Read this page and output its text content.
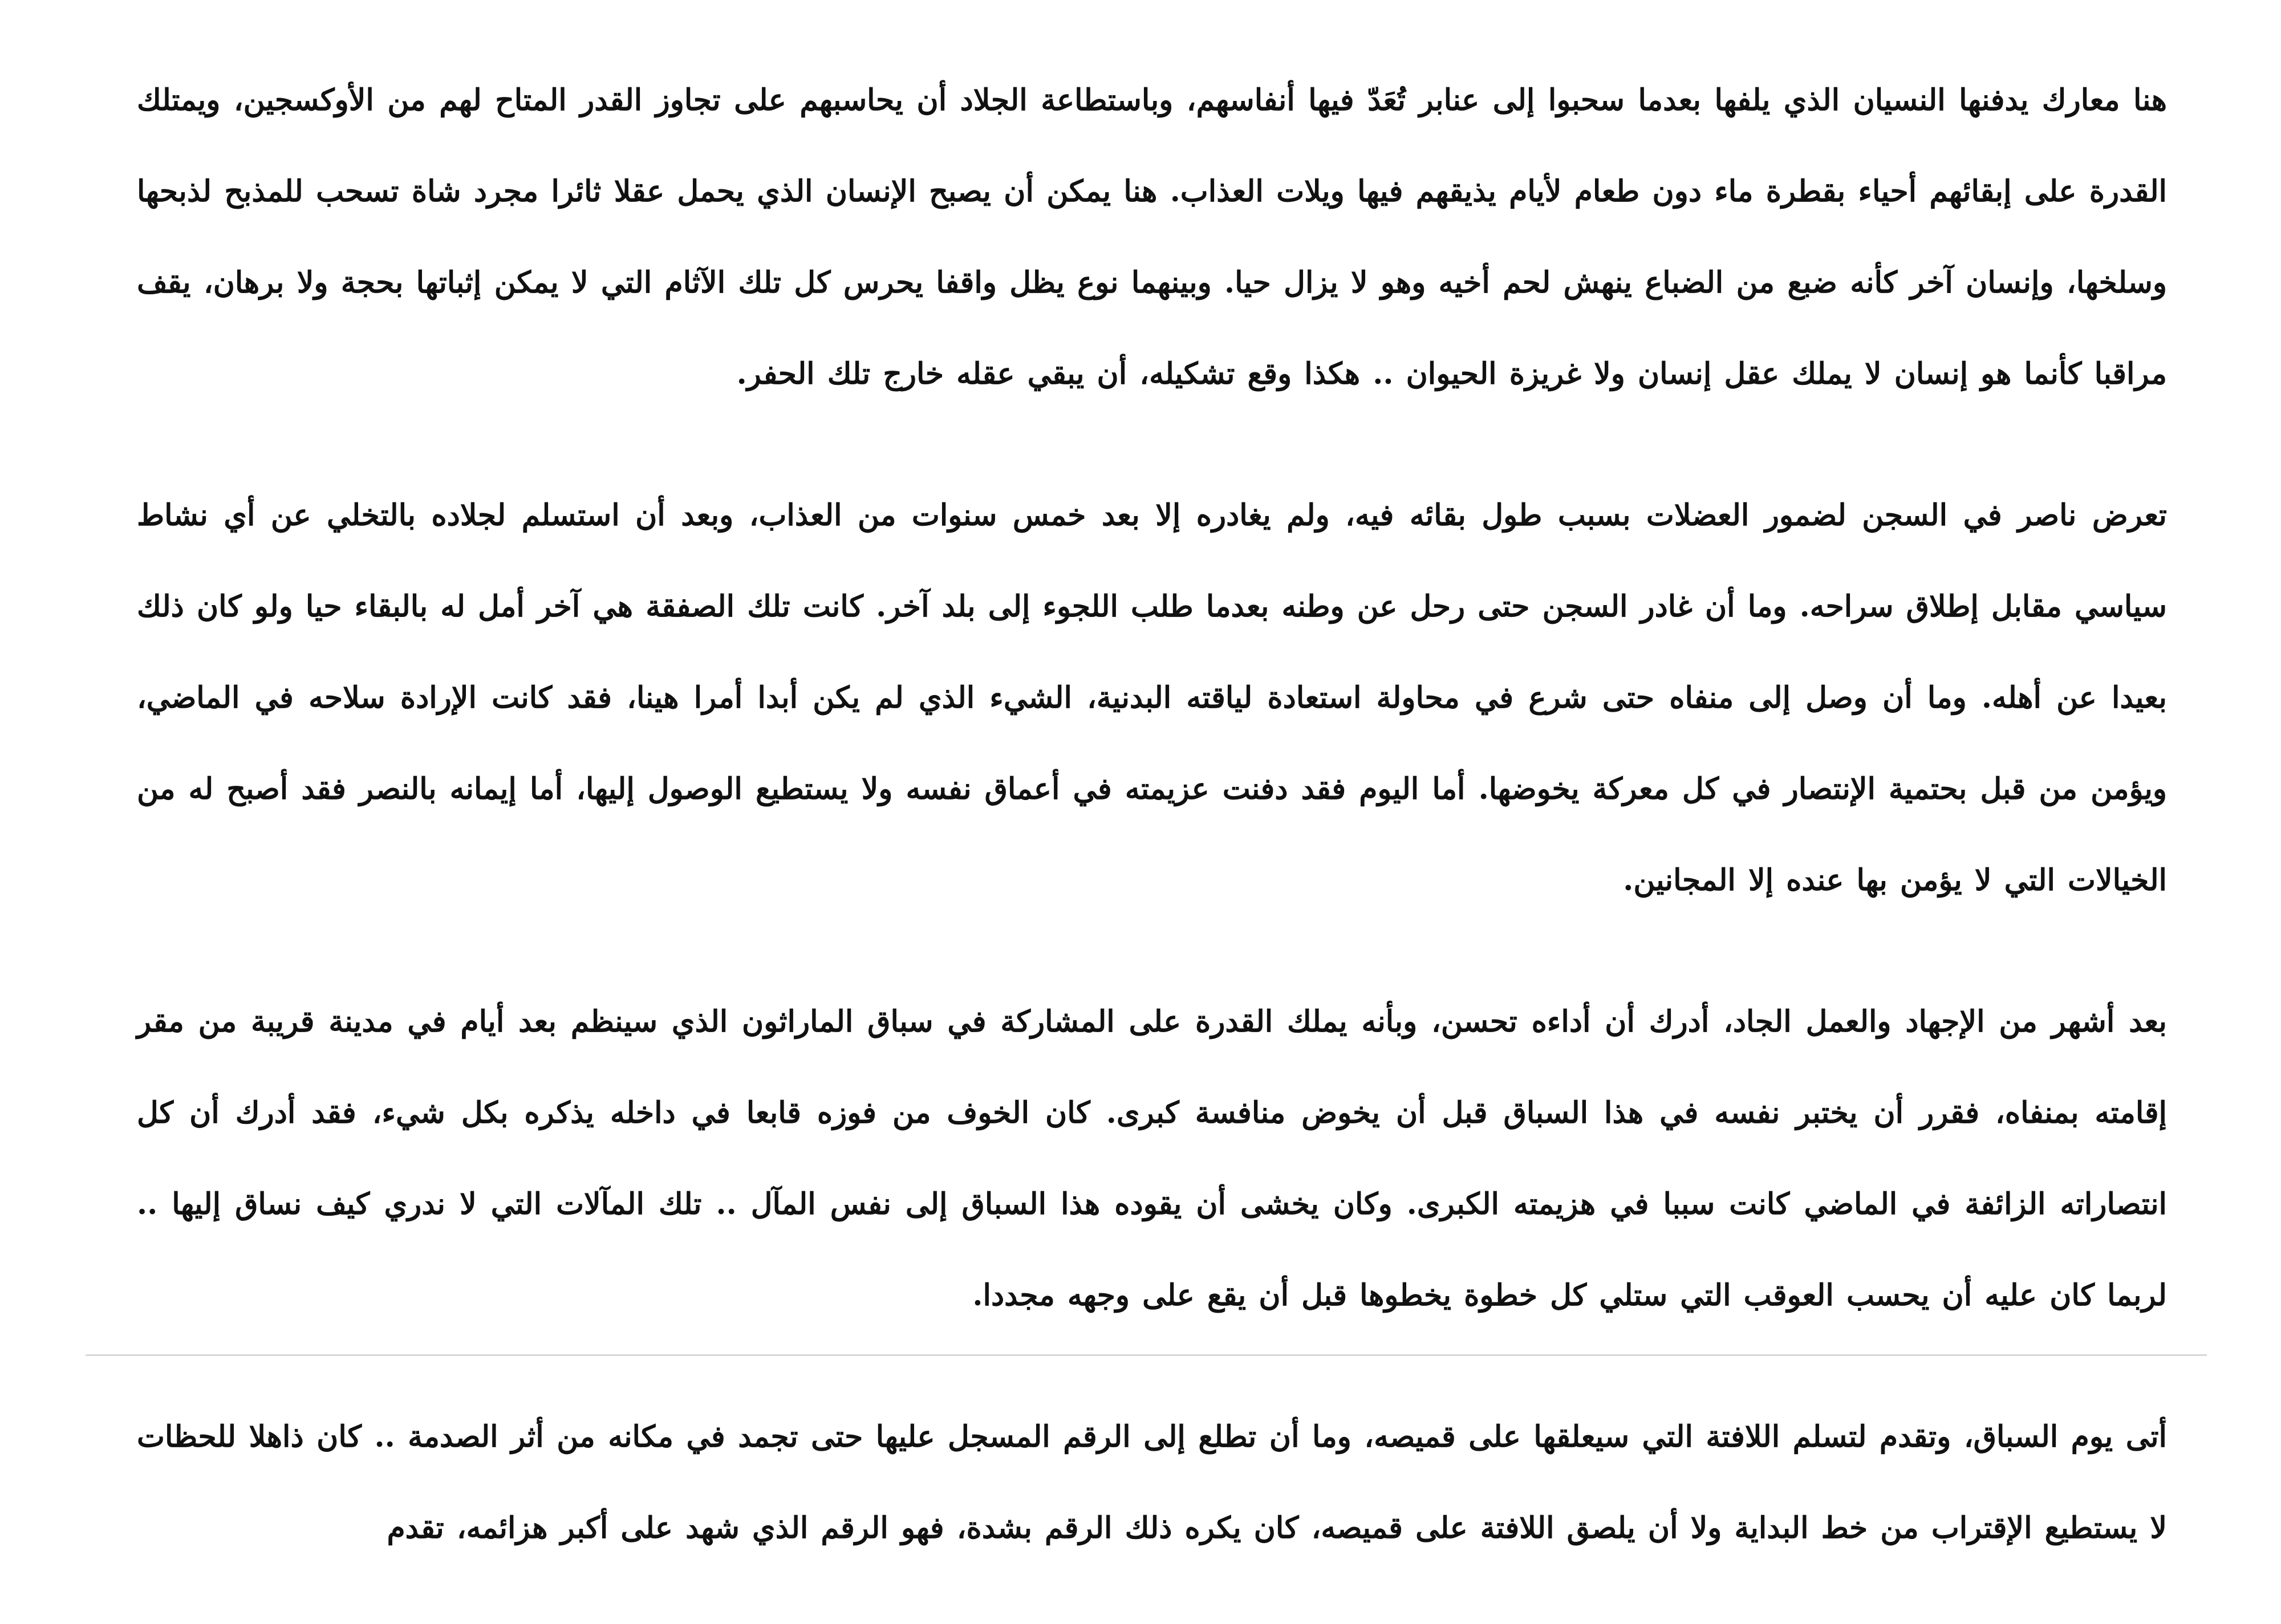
هنا معارك يدفنها النسيان الذي يلفها بعدما سحبوا إلى عنابر تُعَدّ فيها أنفاسهم، وباستطاعة الجلاد أن يحاسبهم على تجاوز القدر المتاح لهم من الأوكسجين، ويمتلك القدرة على إبقائهم أحياء بقطرة ماء دون طعام لأيام يذيقهم فيها ويلات العذاب. هنا يمكن أن يصبح الإنسان الذي يحمل عقلا ثائرا مجرد شاة تسحب للمذبح لذبحها وسلخها، وإنسان آخر كأنه ضبع من الضباع ينهش لحم أخيه وهو لا يزال حيا. وبينهما نوع يظل واقفا يحرس كل تلك الآثام التي لا يمكن إثباتها بحجة ولا برهان، يقف مراقبا كأنما هو إنسان لا يملك عقل إنسان ولا غريزة الحيوان .. هكذا وقع تشكيله، أن يبقي عقله خارج تلك الحفر.

تعرض ناصر في السجن لضمور العضلات بسبب طول بقائه فيه، ولم يغادره إلا بعد خمس سنوات من العذاب، وبعد أن استسلم لجلاده بالتخلي عن أي نشاط سياسي مقابل إطلاق سراحه. وما أن غادر السجن حتى رحل عن وطنه بعدما طلب اللجوء إلى بلد آخر. كانت تلك الصفقة هي آخر أمل له بالبقاء حيا ولو كان ذلك بعيدا عن أهله. وما أن وصل إلى منفاه حتى شرع في محاولة استعادة لياقته البدنية، الشيء الذي لم يكن أبدا أمرا هينا، فقد كانت الإرادة سلاحه في الماضي، ويؤمن من قبل بحتمية الإنتصار في كل معركة يخوضها. أما اليوم فقد دفنت عزيمته في أعماق نفسه ولا يستطيع الوصول إليها، أما إيمانه بالنصر فقد أصبح له من الخيالات التي لا يؤمن بها عنده إلا المجانين.

بعد أشهر من الإجهاد والعمل الجاد، أدرك أن أداءه تحسن، وبأنه يملك القدرة على المشاركة في سباق الماراثون الذي سينظم بعد أيام في مدينة قريبة من مقر إقامته بمنفاه، فقرر أن يختبر نفسه في هذا السباق قبل أن يخوض منافسة كبرى. كان الخوف من فوزه قابعا في داخله يذكره بكل شيء، فقد أدرك أن كل انتصاراته الزائفة في الماضي كانت سببا في هزيمته الكبرى. وكان يخشى أن يقوده هذا السباق إلى نفس المآل .. تلك المآلات التي لا ندري كيف نساق إليها .. لربما كان عليه أن يحسب العوقب التي ستلي كل خطوة يخطوها قبل أن يقع على وجهه مجددا.

أتى يوم السباق، وتقدم لتسلم اللافتة التي سيعلقها على قميصه، وما أن تطلع إلى الرقم المسجل عليها حتى تجمد في مكانه من أثر الصدمة .. كان ذاهلا للحظات لا يستطيع الإقتراب من خط البداية ولا أن يلصق اللافتة على قميصه، كان يكره ذلك الرقم بشدة، فهو الرقم الذي شهد على أكبر هزائمه، تقدم
